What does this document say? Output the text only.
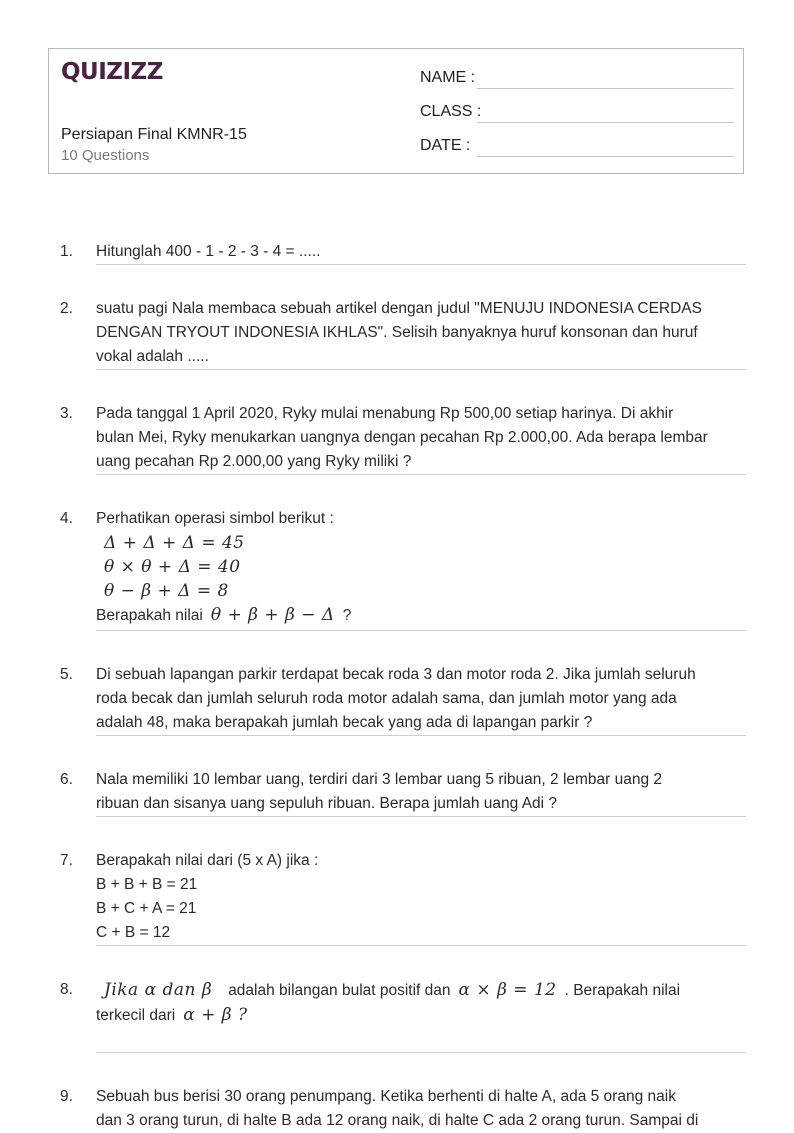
QUIZIZZ
Persiapan Final KMNR-15
10 Questions
NAME :
CLASS :
DATE :
1. Hitunglah 400 - 1 - 2 - 3 - 4 = .....
2. suatu pagi Nala membaca sebuah artikel dengan judul "MENUJU INDONESIA CERDAS
DENGAN TRYOUT INDONESIA IKHLAS". Selisih banyaknya huruf konsonan dan huruf
vokal adalah .....
3. Pada tanggal 1 April 2020, Ryky mulai menabung Rp 500,00 setiap harinya. Di akhir
bulan Mei, Ryky menukarkan uangnya dengan pecahan Rp 2.000,00. Ada berapa lembar
uang pecahan Rp 2.000,00 yang Ryky miliki ?
4. Perhatikan operasi simbol berikut :
Δ + Δ + Δ = 45
θ × θ + Δ = 40
θ − β + Δ = 8
Berapakah nilai θ + β + β − Δ ?
5. Di sebuah lapangan parkir terdapat becak roda 3 dan motor roda 2. Jika jumlah seluruh
roda becak dan jumlah seluruh roda motor adalah sama, dan jumlah motor yang ada
adalah 48, maka berapakah jumlah becak yang ada di lapangan parkir ?
6. Nala memiliki 10 lembar uang, terdiri dari 3 lembar uang 5 ribuan, 2 lembar uang 2
ribuan dan sisanya uang sepuluh ribuan. Berapa jumlah uang Adi ?
7. Berapakah nilai dari (5 x A) jika :
B + B + B = 21
B + C + A = 21
C + B = 12
8.	Jika α dan β adalah bilangan bulat positif dan α × β = 12 . Berapakah nilai
terkecil dari α + β ?
9. Sebuah bus berisi 30 orang penumpang. Ketika berhenti di halte A, ada 5 orang naik
dan 3 orang turun, di halte B ada 12 orang naik, di halte C ada 2 orang turun. Sampai di
